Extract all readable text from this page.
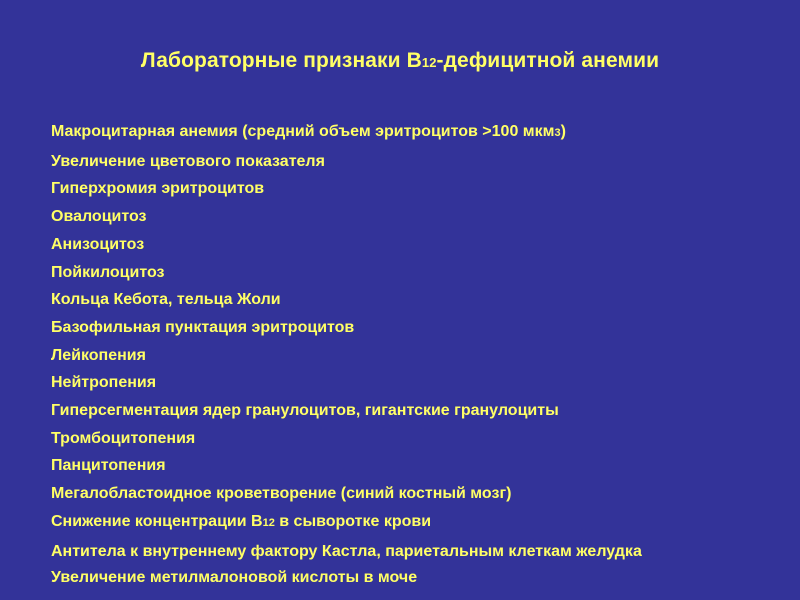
Лабораторные признаки B12-дефицитной анемии
Макроцитарная анемия (средний объем эритроцитов >100 мкм3)
Увеличение цветового показателя
Гиперхромия эритроцитов
Овалоцитоз
Анизоцитоз
Пойкилоцитоз
Кольца Кебота, тельца Жоли
Базофильная пунктация эритроцитов
Лейкопения
Нейтропения
Гиперсегментация ядер гранулоцитов, гигантские гранулоциты
Тромбоцитопения
Панцитопения
Мегалобластоидное кроветворение (синий костный мозг)
Снижение концентрации B12 в сыворотке крови
Антитела к внутреннему фактору Кастла, париетальным клеткам желудка
Увеличение метилмалоновой кислоты в моче
